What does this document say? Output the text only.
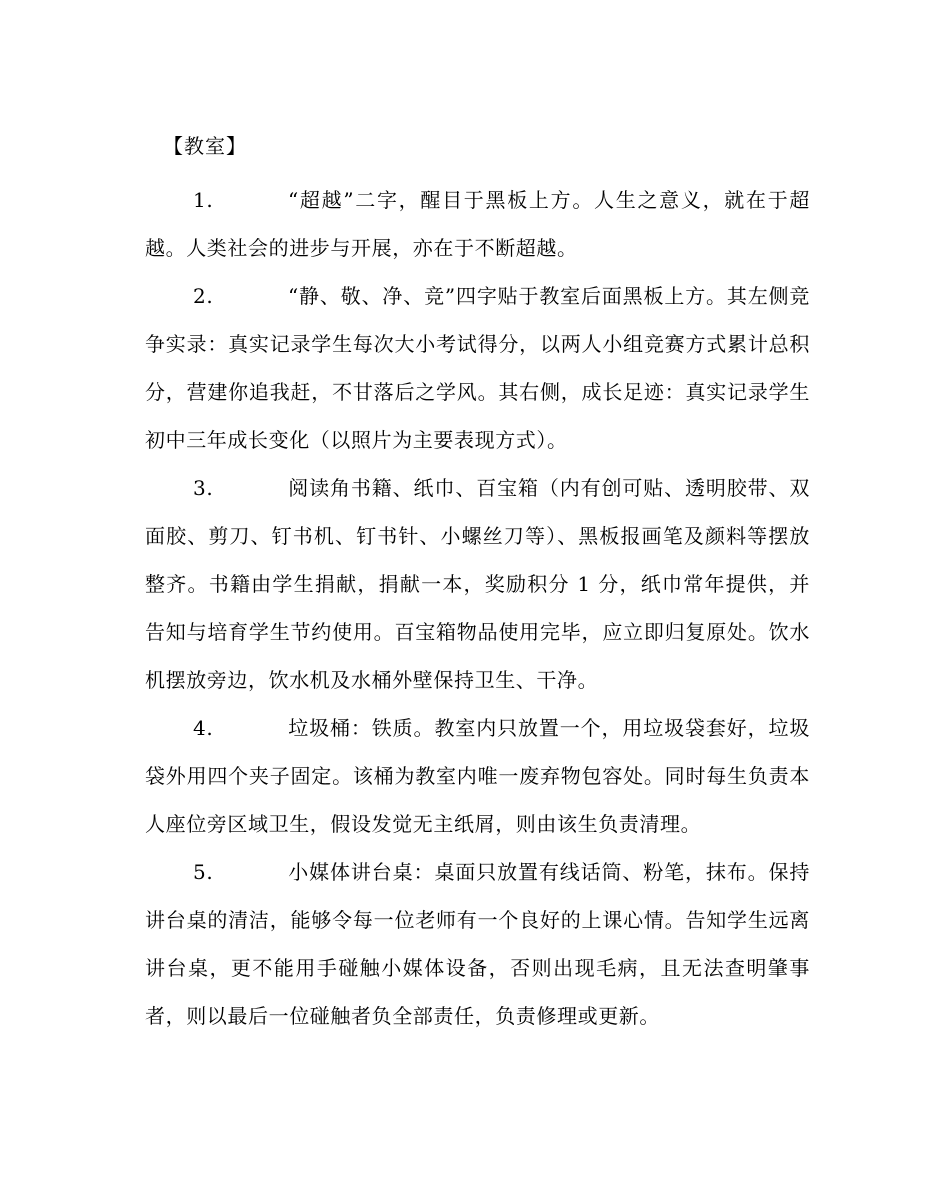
【教室】

1.	“超越”二字，醒目于黑板上方。人生之意义，就在于超越。人类社会的进步与开展，亦在于不断超越。

2.	“静、敬、净、竞”四字贴于教室后面黑板上方。其左侧竞争实录：真实记录学生每次大小考试得分，以两人小组竞赛方式累计总积分，营建你追我赶，不甘落后之学风。其右侧，成长足迹：真实记录学生初中三年成长变化（以照片为主要表现方式）。

3.	阅读角书籍、纸巾、百宝箱（内有创可贴、透明胶带、双面胶、剪刀、钉书机、钉书针、小螺丝刀等）、黑板报画笔及颜料等摆放整齐。书籍由学生捐献，捐献一本，奖励积分 1 分，纸巾常年提供，并告知与培育学生节约使用。百宝箱物品使用完毕，应立即归复原处。饮水机摆放旁边，饮水机及水桶外壁保持卫生、干净。

4.	垃圾桶：铁质。教室内只放置一个，用垃圾袋套好，垃圾袋外用四个夹子固定。该桶为教室内唯一废弃物包容处。同时每生负责本人座位旁区域卫生，假设发觉无主纸屑，则由该生负责清理。

5.	小媒体讲台桌：桌面只放置有线话筒、粉笔，抹布。保持讲台桌的清洁，能够令每一位老师有一个良好的上课心情。告知学生远离讲台桌，更不能用手碰触小媒体设备，否则出现毛病，且无法查明肇事者，则以最后一位碰触者负全部责任，负责修理或更新。
